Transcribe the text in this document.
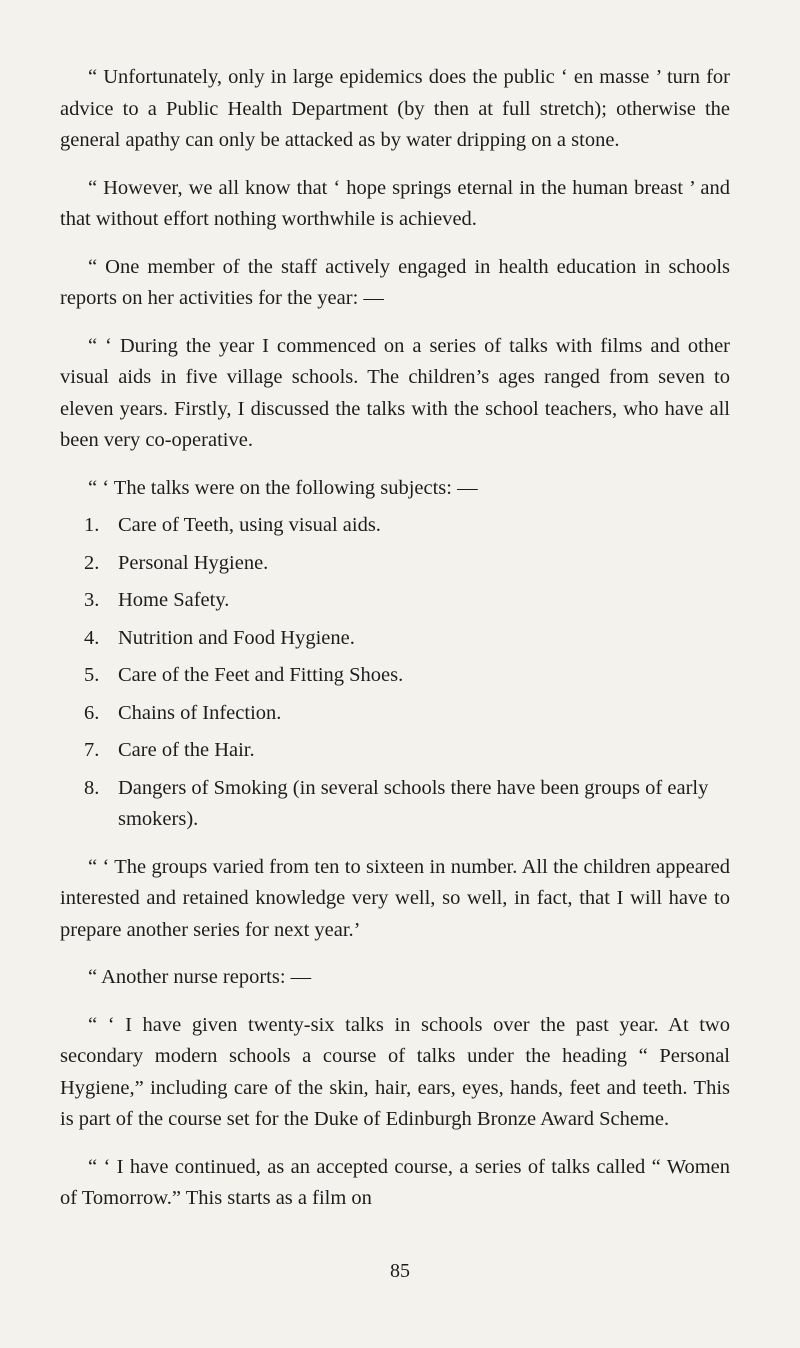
“ Unfortunately, only in large epidemics does the public ‘ en masse ’ turn for advice to a Public Health Department (by then at full stretch); otherwise the general apathy can only be attacked as by water dripping on a stone.

“ However, we all know that ‘ hope springs eternal in the human breast ’ and that without effort nothing worthwhile is achieved.

“ One member of the staff actively engaged in health education in schools reports on her activities for the year: —

“ ‘ During the year I commenced on a series of talks with films and other visual aids in five village schools. The children’s ages ranged from seven to eleven years. Firstly, I discussed the talks with the school teachers, who have all been very co-operative.

“ ‘ The talks were on the following subjects: —

1. Care of Teeth, using visual aids.
2. Personal Hygiene.
3. Home Safety.
4. Nutrition and Food Hygiene.
5. Care of the Feet and Fitting Shoes.
6. Chains of Infection.
7. Care of the Hair.
8. Dangers of Smoking (in several schools there have been groups of early smokers).

“ ‘ The groups varied from ten to sixteen in number. All the children appeared interested and retained knowledge very well, so well, in fact, that I will have to prepare another series for next year.’

“ Another nurse reports: —

“ ‘ I have given twenty-six talks in schools over the past year. At two secondary modern schools a course of talks under the heading “ Personal Hygiene,” including care of the skin, hair, ears, eyes, hands, feet and teeth. This is part of the course set for the Duke of Edinburgh Bronze Award Scheme.

“ ‘ I have continued, as an accepted course, a series of talks called “ Women of Tomorrow.” This starts as a film on

85
